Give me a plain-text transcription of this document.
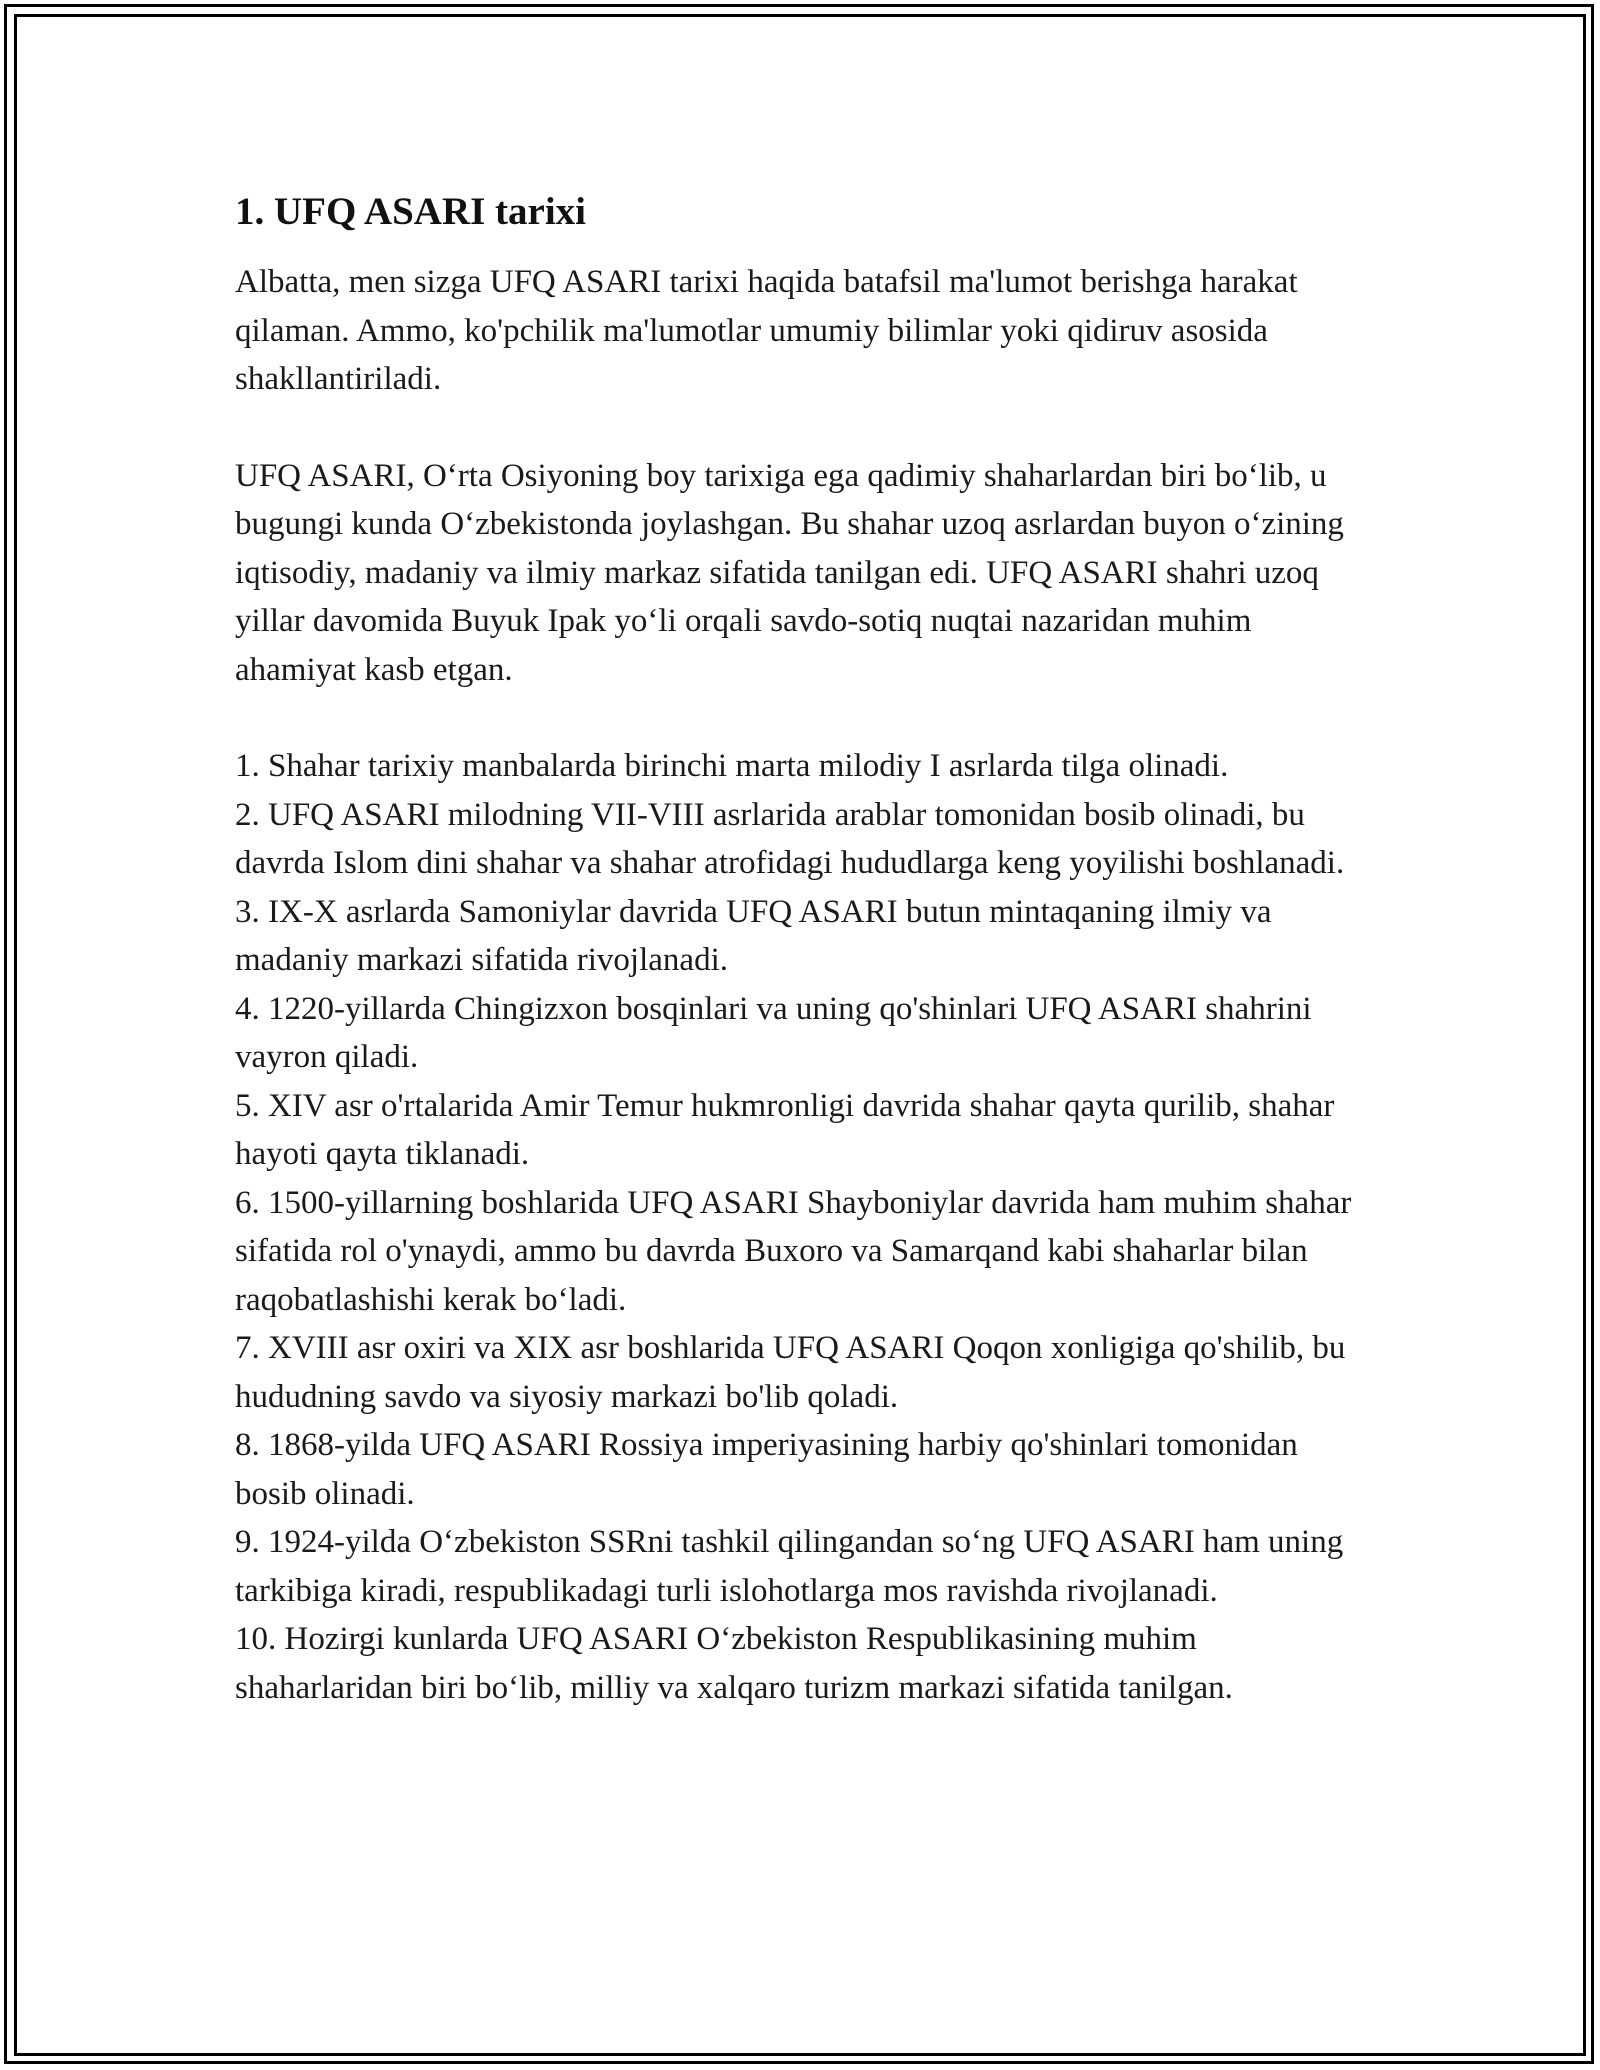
1. UFQ ASARI tarixi

Albatta, men sizga UFQ ASARI tarixi haqida batafsil ma'lumot berishga harakat qilaman. Ammo, ko'pchilik ma'lumotlar umumiy bilimlar yoki qidiruv asosida shakllantiriladi.

UFQ ASARI, O‘rta Osiyoning boy tarixiga ega qadimiy shaharlardan biri bo‘lib, u bugungi kunda O‘zbekistonda joylashgan. Bu shahar uzoq asrlardan buyon o‘zining iqtisodiy, madaniy va ilmiy markaz sifatida tanilgan edi. UFQ ASARI shahri uzoq yillar davomida Buyuk Ipak yo‘li orqali savdo-sotiq nuqtai nazaridan muhim ahamiyat kasb etgan.

1. Shahar tarixiy manbalarda birinchi marta milodiy I asrlarda tilga olinadi.

2. UFQ ASARI milodning VII-VIII asrlarida arablar tomonidan bosib olinadi, bu davrda Islom dini shahar va shahar atrofidagi hududlarga keng yoyilishi boshlanadi.

3. IX-X asrlarda Samoniylar davrida UFQ ASARI butun mintaqaning ilmiy va madaniy markazi sifatida rivojlanadi.

4. 1220-yillarda Chingizxon bosqinlari va uning qo'shinlari UFQ ASARI shahrini vayron qiladi.

5. XIV asr o'rtalarida Amir Temur hukmronligi davrida shahar qayta qurilib, shahar hayoti qayta tiklanadi.

6. 1500-yillarning boshlarida UFQ ASARI Shayboniylar davrida ham muhim shahar sifatida rol o'ynaydi, ammo bu davrda Buxoro va Samarqand kabi shaharlar bilan raqobatlashishi kerak bo‘ladi.

7. XVIII asr oxiri va XIX asr boshlarida UFQ ASARI Qoqon xonligiga qo'shilib, bu hududning savdo va siyosiy markazi bo'lib qoladi.

8. 1868-yilda UFQ ASARI Rossiya imperiyasining harbiy qo'shinlari tomonidan bosib olinadi.

9. 1924-yilda O‘zbekiston SSRni tashkil qilingandan so‘ng UFQ ASARI ham uning tarkibiga kiradi, respublikadagi turli islohotlarga mos ravishda rivojlanadi.

10. Hozirgi kunlarda UFQ ASARI O‘zbekiston Respublikasining muhim shaharlaridan biri bo‘lib, milliy va xalqaro turizm markazi sifatida tanilgan.
